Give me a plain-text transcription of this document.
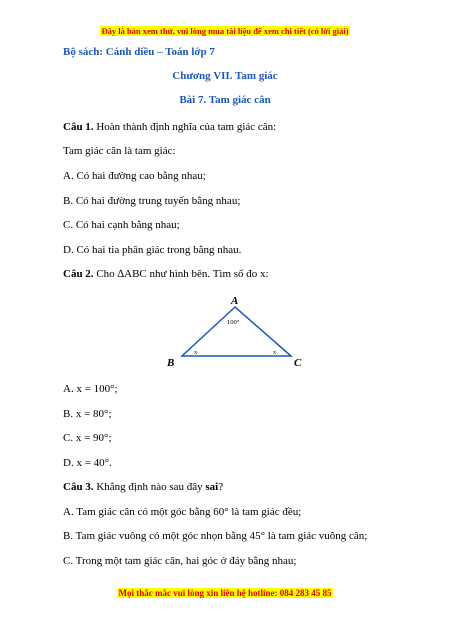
Đây là bản xem thử, vui lòng mua tài liệu để xem chi tiết (có lời giải)
Bộ sách: Cánh diều – Toán lớp 7
Chương VII. Tam giác
Bài 7. Tam giác cân
Câu 1. Hoàn thành định nghĩa của tam giác cân:
Tam giác cân là tam giác:
A. Có hai đường cao bằng nhau;
B. Có hai đường trung tuyến bằng nhau;
C. Có hai cạnh bằng nhau;
D. Có hai tia phân giác trong bằng nhau.
Câu 2. Cho ∆ABC như hình bên. Tìm số đo x:
A
B	C
100°
x	x
A. x = 100°;
B. x = 80°;
C. x = 90°;
D. x = 40°.
Câu 3. Khẳng định nào sau đây sai?
A. Tam giác cân có một góc bằng 60° là tam giác đều;
B. Tam giác vuông có một góc nhọn bằng 45° là tam giác vuông cân;
C. Trong một tam giác cân, hai góc ở đáy bằng nhau;
Mọi thắc mắc vui lòng xin liên hệ hotline: 084 283 45 85
